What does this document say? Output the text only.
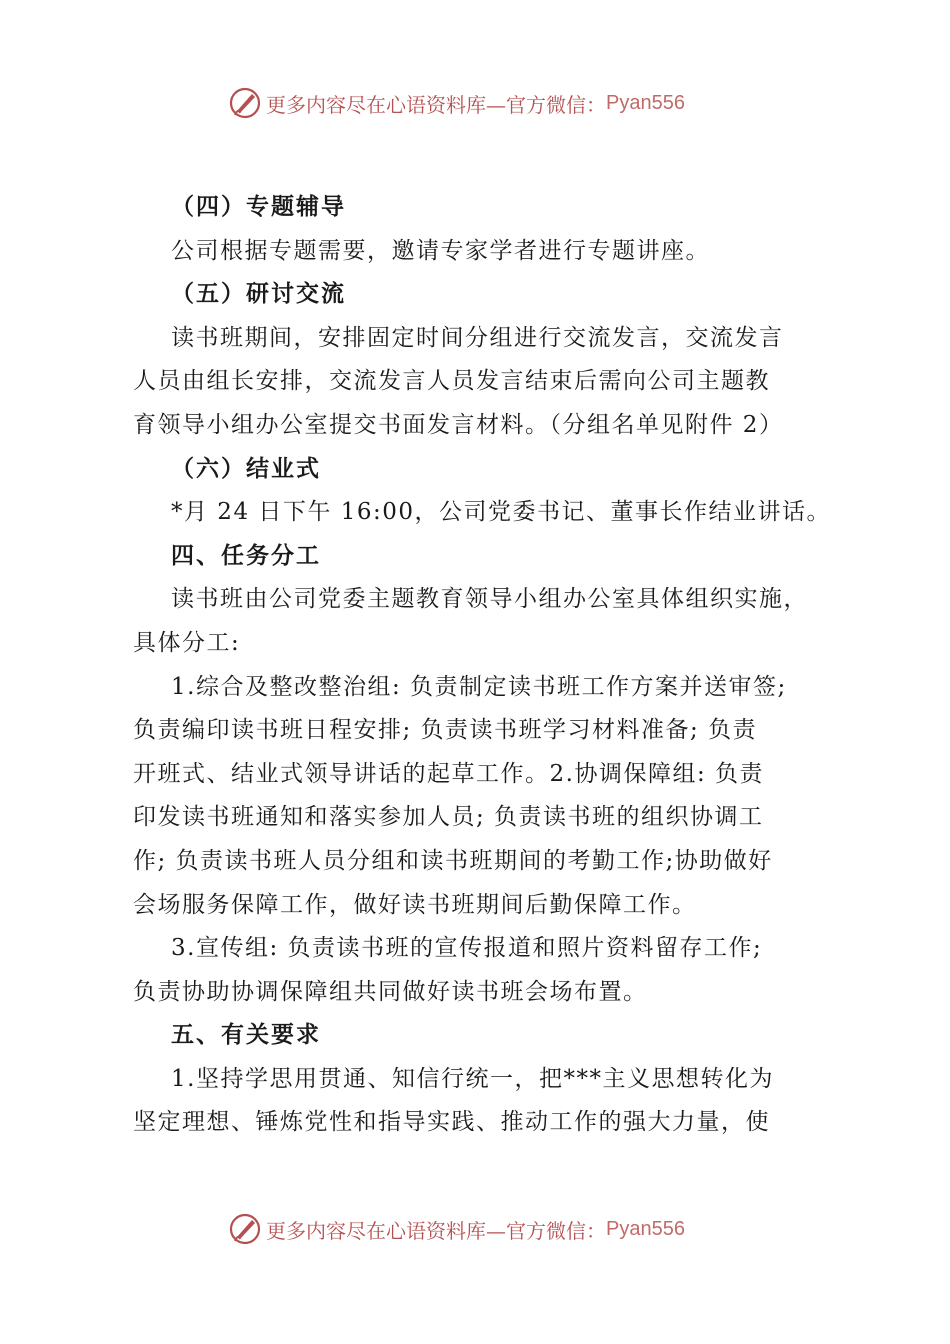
更多内容尽在心语资料库—官方微信： Pyan556
（四）专题辅导
公司根据专题需要，邀请专家学者进行专题讲座。
（五）研讨交流
读书班期间，安排固定时间分组进行交流发言，交流发言
人员由组长安排，交流发言人员发言结束后需向公司主题教
育领导小组办公室提交书面发言材料。（分组名单见附件 2）
（六）结业式
*月 24 日下午 16:00，公司党委书记、董事长作结业讲话。
四、任务分工
读书班由公司党委主题教育领导小组办公室具体组织实施，
具体分工:
1.综合及整改整治组: 负责制定读书班工作方案并送审签;
负责编印读书班日程安排; 负责读书班学习材料准备; 负责
开班式、结业式领导讲话的起草工作。2.协调保障组: 负责
印发读书班通知和落实参加人员; 负责读书班的组织协调工
作; 负责读书班人员分组和读书班期间的考勤工作;协助做好
会场服务保障工作，做好读书班期间后勤保障工作。
3.宣传组: 负责读书班的宣传报道和照片资料留存工作;
负责协助协调保障组共同做好读书班会场布置。
五、有关要求
1.坚持学思用贯通、知信行统一，把***主义思想转化为
坚定理想、锤炼党性和指导实践、推动工作的强大力量，使
更多内容尽在心语资料库—官方微信： Pyan556
